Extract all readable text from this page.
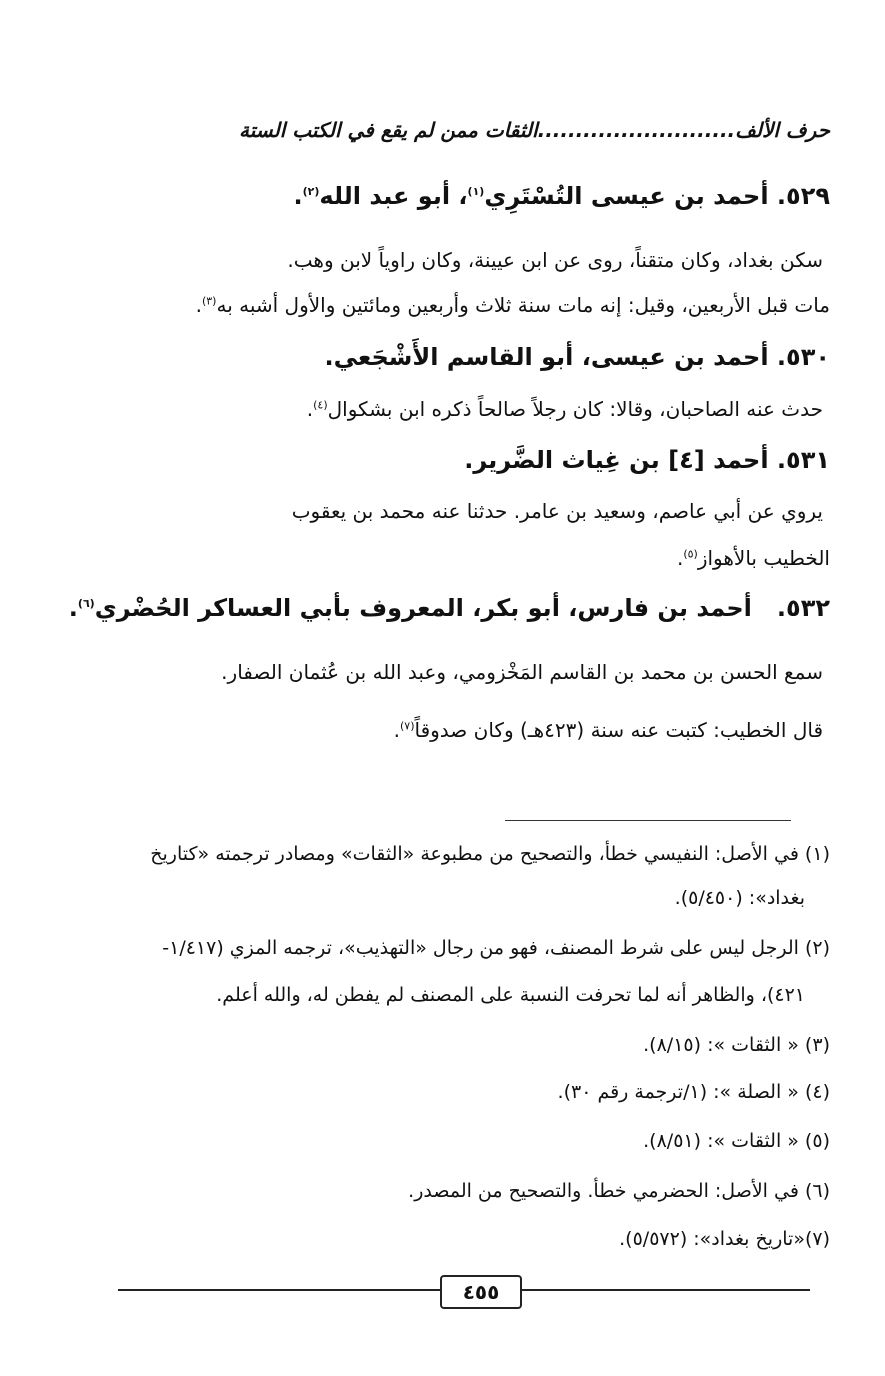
حرف الألف..........................الثقات ممن لم يقع في الكتب الستة
٥٢٩. أحمد بن عيسى التُسْتَرِي$^{(١)}$، أبو عبد الله$^{(٢)}$.
سكن بغداد، وكان متقناً، روى عن ابن عيينة، وكان راوياً لابن وهب.
مات قبل الأربعين، وقيل: إنه مات سنة ثلاث وأربعين ومائتين والأول أشبه به$^{(٣)}$.
٥٣٠. أحمد بن عيسى، أبو القاسم الأَشْجَعي.
حدث عنه الصاحبان، وقالا: كان رجلاً صالحاً ذكره ابن بشكوال$^{(٤)}$.
٥٣١. أحمد [٤] بن غِياث الضَّرير.
يروي عن أبي عاصم، وسعيد بن عامر. حدثنا عنه محمد بن يعقوب
الخطيب بالأهواز$^{(٥)}$.
٥٣٢.   أحمد بن فارس، أبو بكر، المعروف بأبي العساكر الحُضْري$^{(٦)}$.
سمع الحسن بن محمد بن القاسم المَخْزومي، وعبد الله بن عُثمان الصفار.
قال الخطيب: كتبت عنه سنة (٤٢٣هـ) وكان صدوقاً$^{(٧)}$.
(١) في الأصل: النفيسي خطأ، والتصحيح من مطبوعة «الثقات» ومصادر ترجمته «كتاريخ
بغداد»: (٥/٤٥٠).
(٢) الرجل ليس على شرط المصنف، فهو من رجال «التهذيب»، ترجمه المزي (١/٤١٧-
٤٢١)، والظاهر أنه لما تحرفت النسبة على المصنف لم يفطن له، والله أعلم.
(٣) « الثقات »: (٨/١٥).
(٤) « الصلة »: (١/ترجمة رقم ٣٠).
(٥) « الثقات »: (٨/٥١).
(٦) في الأصل: الحضرمي خطأ. والتصحيح من المصدر.
(٧)«تاريخ بغداد»: (٥/٥٧٢).
٤٥٥
